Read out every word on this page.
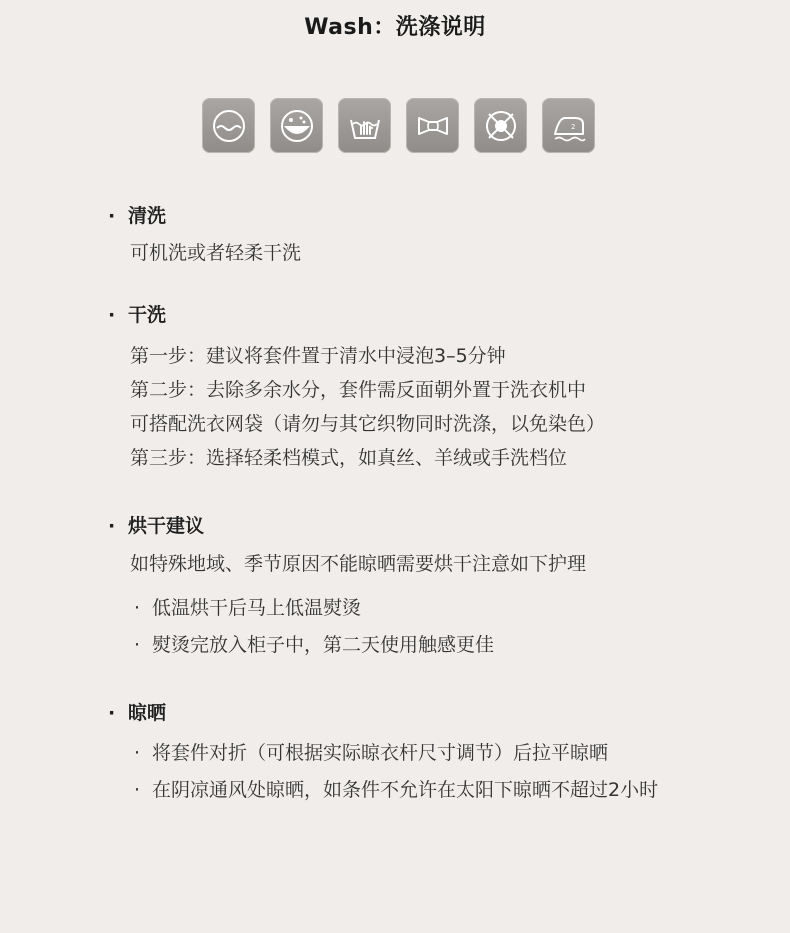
Wash：洗涤说明
2
· 清洗
可机洗或者轻柔干洗
· 干洗
第一步：建议将套件置于清水中浸泡3–5分钟
第二步：去除多余水分，套件需反面朝外置于洗衣机中
可搭配洗衣网袋（请勿与其它织物同时洗涤，以免染色）
第三步：选择轻柔档模式，如真丝、羊绒或手洗档位
· 烘干建议
如特殊地域、季节原因不能晾晒需要烘干注意如下护理
· 低温烘干后马上低温熨烫
· 熨烫完放入柜子中，第二天使用触感更佳
· 晾晒
· 将套件对折（可根据实际晾衣杆尺寸调节）后拉平晾晒
· 在阴凉通风处晾晒，如条件不允许在太阳下晾晒不超过2小时
